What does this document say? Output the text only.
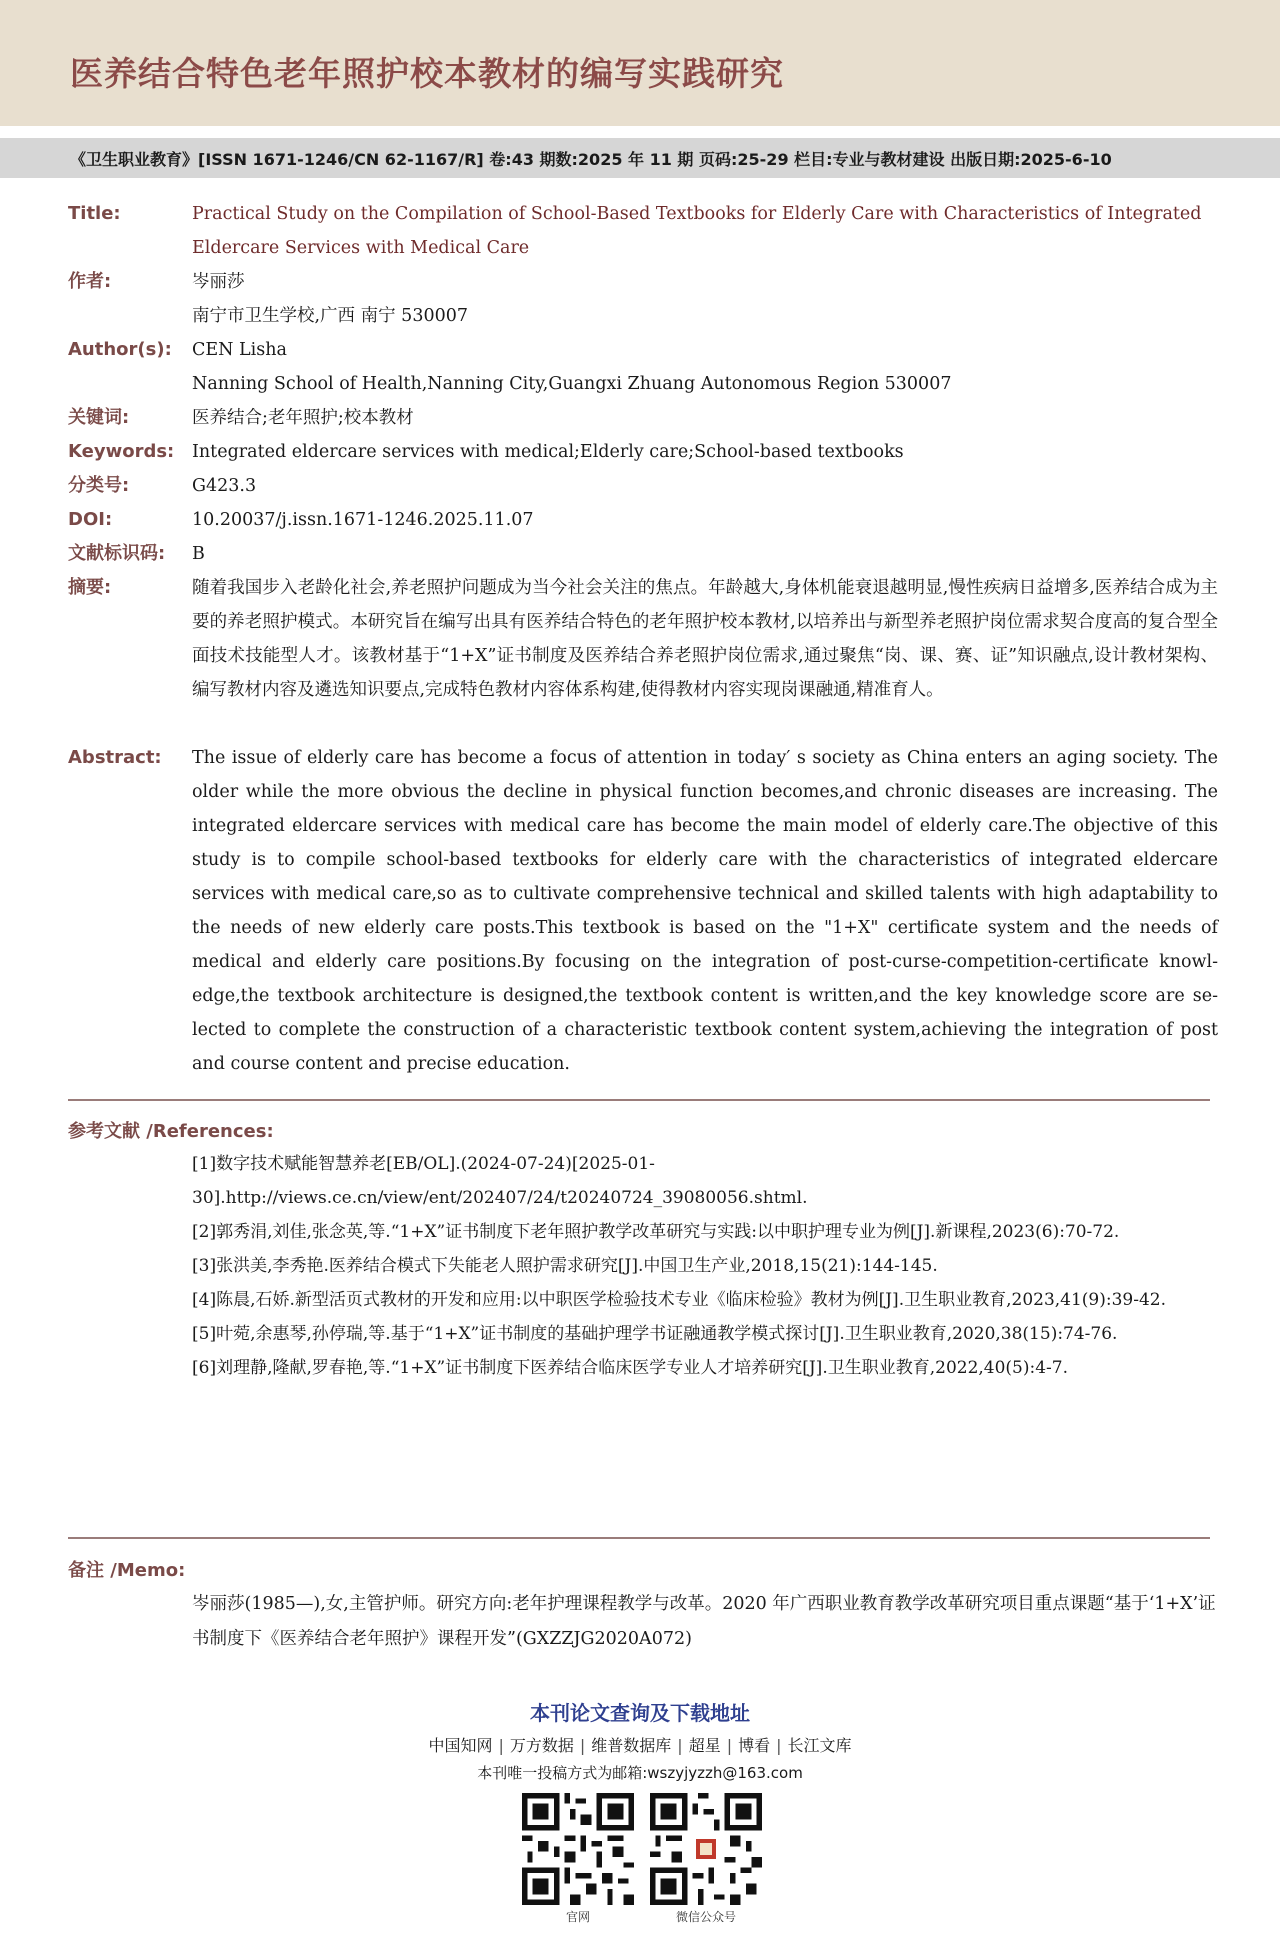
医养结合特色老年照护校本教材的编写实践研究
《卫生职业教育》[ISSN 1671-1246/CN 62-1167/R] 卷:43 期数:2025 年 11 期 页码:25-29 栏目:专业与教材建设 出版日期:2025-6-10
Title:	Practical Study on the Compilation of School-Based Textbooks for Elderly Care with Characteristics of Integrated Eldercare Services with Medical Care
作者:	岑丽莎

南宁市卫生学校,广西 南宁 530007

Author(s): CEN Lisha

Nanning School of Health,Nanning City,Guangxi Zhuang Autonomous Region 530007

关键词:	医养结合;老年照护;校本教材
Keywords: Integrated eldercare services with medical;Elderly care;School-based textbooks
分类号:	G423.3
DOI:	10.20037/j.issn.1671-1246.2025.11.07
文献标识码: B
摘要:	随着我国步入老龄化社会,养老照护问题成为当今社会关注的焦点。年龄越大,身体机能衰退越明显,慢性疾病日益增多,医养结合成为主要的养老照护模式。本研究旨在编写出具有医养结合特色的老年照护校本教材,以培养出与新型养老照护岗位需求契合度高的复合型全面技术技能型人才。该教材基于“1+X”证书制度及医养结合养老照护岗位需求,通过聚焦“岗、课、赛、证”知识融点,设计教材架构、编写教材内容及遴选知识要点,完成特色教材内容体系构建,使得教材内容实现岗课融通,精准育人。
Abstract: The issue of elderly care has become a focus of attention in today′ s society as China enters an aging society. The older while the more obvious the decline in physical function becomes,and chronic diseases are increasing. The integrated eldercare services with medical care has become the main model of elderly care.The objective of this study is to compile school-based textbooks for elderly care with the characteristics of integrated eldercare services with medical care,so as to cultivate comprehensive technical and skilled talents with high adaptability to the needs of new elderly care posts.This textbook is based on the "1+X" certificate system and the needs of medical and elderly care positions.By focusing on the integration of post-curse-competition-certificate knowl-edge,the textbook architecture is designed,the textbook content is written,and the key knowledge score are se-lected to complete the construction of a characteristic textbook content system,achieving the integration of post and course content and precise education.
参考文献 /References:

[1]数字技术赋能智慧养老[EB/OL].(2024-07-24)[2025-01-30].http://views.ce.cn/view/ent/202407/24/t20240724_39080056.shtml.

[2]郭秀涓,刘佳,张念英,等.“1+X”证书制度下老年照护教学改革研究与实践:以中职护理专业为例[J].新课程,2023(6):70-72.

[3]张洪美,李秀艳.医养结合模式下失能老人照护需求研究[J].中国卫生产业,2018,15(21):144-145.

[4]陈晨,石娇.新型活页式教材的开发和应用:以中职医学检验技术专业《临床检验》教材为例[J].卫生职业教育,2023,41(9):39-42.

[5]叶菀,余惠琴,孙停瑞,等.基于“1+X”证书制度的基础护理学书证融通教学模式探讨[J].卫生职业教育,2020,38(15):74-76.

[6]刘理静,隆献,罗春艳,等.“1+X”证书制度下医养结合临床医学专业人才培养研究[J].卫生职业教育,2022,40(5):4-7.

备注 /Memo:
岑丽莎(1985—),女,主管护师。研究方向:老年护理课程教学与改革。2020 年广西职业教育教学改革研究项目重点课题“基于‘1+X’证书制度下《医养结合老年照护》课程开发”(GXZZJG2020A072)
本刊论文查询及下载地址
中国知网 | 万方数据 | 维普数据库 | 超星 | 博看 | 长江文库
本刊唯一投稿方式为邮箱:wszyjyzzh@163.com
官网	微信公众号
